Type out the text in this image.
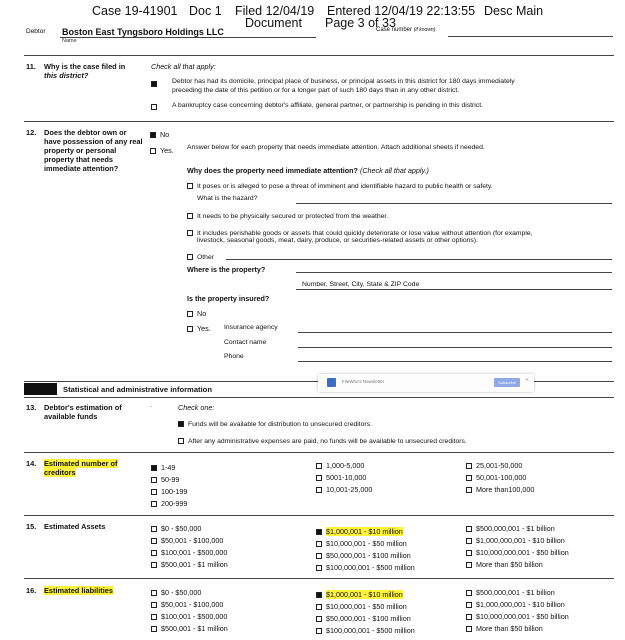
Case 19-41901 Doc 1 Filed 12/04/19 Entered 12/04/19 22:13:55 Desc Main
Document Page 3 of 33
Debtor Boston East Tyngsboro Holdings LLC
Name
Case number (if known)
11. Why is the case filed in
this district?
Check all that apply:
Debtor has had its domicile, principal place of business, or principal assets in this district for 180 days immediately
preceding the date of this petition or for a longer part of such 180 days than in any other district.
A bankruptcy case concerning debtor's affiliate, general partner, or partnership is pending in this district.
12. Does the debtor own or have possession of any real property or personal property that needs immediate attention?
No
Yes. Answer below for each property that needs immediate attention. Attach additional sheets if needed.
Why does the property need immediate attention? (Check all that apply.)
It poses or is alleged to pose a threat of imminent and identifiable hazard to public health or safety.
What is the hazard?
It needs to be physically secured or protected from the weather.
It includes perishable goods or assets that could quickly deteriorate or lose value without attention (for example,
livestock, seasonal goods, meat, dairy, produce, or securities-related assets or other options).
Other
Where is the property?
Number, Street, City, State & ZIP Code
Is the property insured?
No
Yes. Insurance agency
Contact name
Phone
Statistical and administrative information
FileWho's Newsletter	Subscribe	×
13. Debtor's estimation of
available funds
.	Check one:
Funds will be available for distribution to unsecured creditors.
After any administrative expenses are paid, no funds will be available to unsecured creditors.
14. Estimated number of
creditors
1-49
50-99
100-199
200-999
1,000-5,000
5001-10,000
10,001-25,000
25,001-50,000
50,001-100,000
More than100,000
15. Estimated Assets	$0 - $50,000
$50,001 - $100,000
$100,001 - $500,000
$500,001 - $1 million
$1,000,001 - $10 million
$10,000,001 - $50 million
$50,000,001 - $100 million
$100,000,001 - $500 million
$500,000,001 - $1 billion
$1,000,000,001 - $10 billion
$10,000,000,001 - $50 billion
More than $50 billion
16. Estimated liabilities	$0 - $50,000
$50,001 - $100,000
$100,001 - $500,000
$500,001 - $1 million
$1,000,001 - $10 million
$10,000,001 - $50 million
$50,000,001 - $100 million
$100,000,001 - $500 million
$500,000,001 - $1 billion
$1,000,000,001 - $10 billion
$10,000,000,001 - $50 billion
More than $50 billion
